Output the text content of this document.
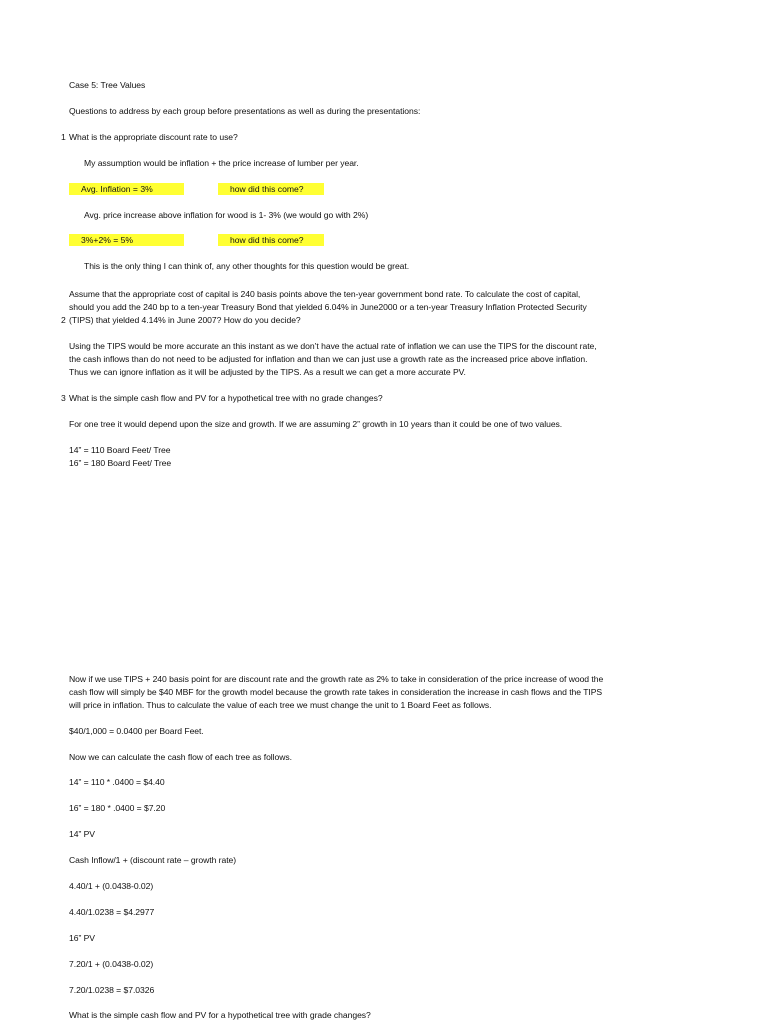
Case 5: Tree Values
Questions to address by each group before presentations as well as during the presentations:
1 What is the appropriate discount rate to use?
My assumption would be inflation + the price increase of lumber per year.
Avg. Inflation = 3%	how did this come?
Avg. price increase above inflation for wood is 1- 3% (we would go with 2%)
3%+2% = 5%	how did this come?
This is the only thing I can think of, any other thoughts for this question would be great.
Assume that the appropriate cost of capital is 240 basis points above the ten-year government bond rate. To calculate the cost of capital,
should you add the 240 bp to a ten-year Treasury Bond that yielded 6.04% in June2000 or a ten-year Treasury Inflation Protected Security
2 (TIPS) that yielded 4.14% in June 2007? How do you decide?
Using the TIPS would be more accurate an this instant as we don’t have the actual rate of inflation we can use the TIPS for the discount rate,
the cash inflows than do not need to be adjusted for inflation and than we can just use a growth rate as the increased price above inflation.
Thus we can ignore inflation as it will be adjusted by the TIPS. As a result we can get a more accurate PV.
3 What is the simple cash flow and PV for a hypothetical tree with no grade changes?
For one tree it would depend upon the size and growth. If we are assuming 2” growth in 10 years than it could be one of two values.
14” = 110 Board Feet/ Tree
16” = 180 Board Feet/ Tree
Now if we use TIPS + 240 basis point for are discount rate and the growth rate as 2% to take in consideration of the price increase of wood the
cash flow will simply be $40 MBF for the growth model because the growth rate takes in consideration the increase in cash flows and the TIPS
will price in inflation. Thus to calculate the value of each tree we must change the unit to 1 Board Feet as follows.
$40/1,000 = 0.0400 per Board Feet.
Now we can calculate the cash flow of each tree as follows.
14” = 110 * .0400 = $4.40
16” = 180 * .0400 = $7.20
14” PV
Cash Inflow/1 + (discount rate – growth rate)
4.40/1 + (0.0438-0.02)
4.40/1.0238 = $4.2977
16” PV
7.20/1 + (0.0438-0.02)
7.20/1.0238 = $7.0326
What is the simple cash flow and PV for a hypothetical tree with grade changes?
